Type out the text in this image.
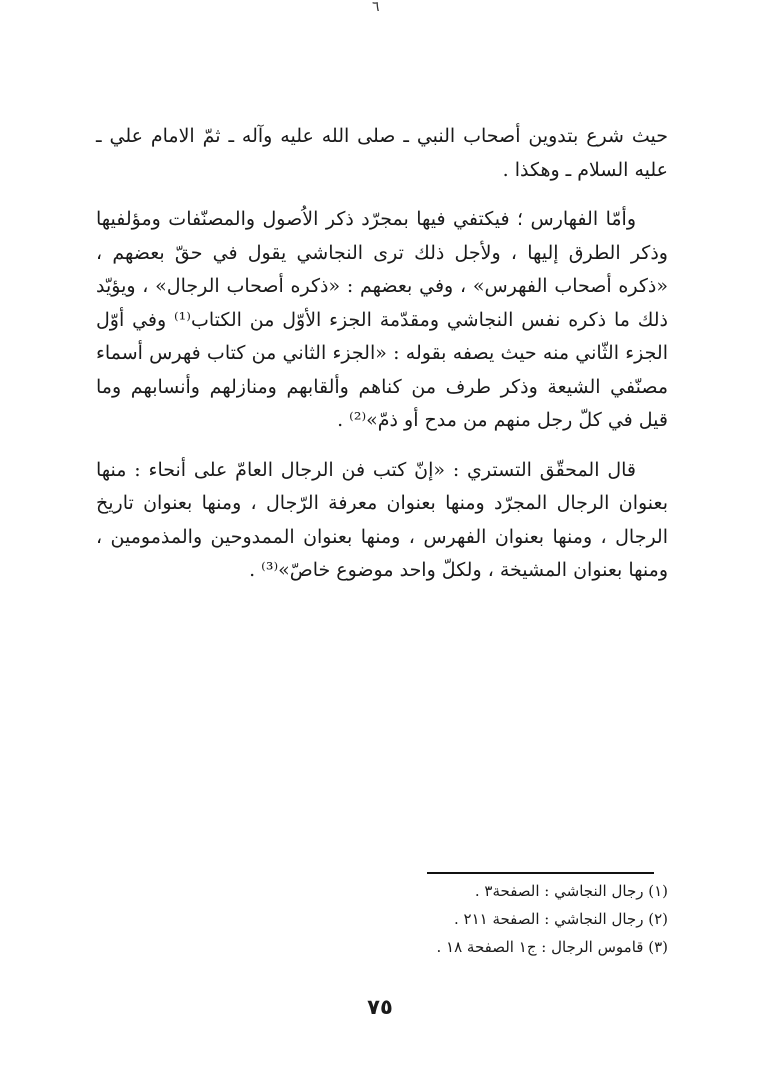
٦

حيث شرع بتدوين أصحاب النبي ـ صلى الله عليه وآله ـ ثمّ الامام علي ـ عليه السلام ـ وهكذا .

وأمّا الفهارس ؛ فيكتفي فيها بمجرّد ذكر الاُصول والمصنّفات ومؤلفيها وذكر الطرق إليها ، ولأجل ذلك ترى النجاشي يقول في حقّ بعضهم ، «ذكره أصحاب الفهرس» ، وفي بعضهم : «ذكره أصحاب الرجال» ، ويؤيّد ذلك ما ذكره نفس النجاشي ومقدّمة الجزء الأوّل من الكتاب⁽¹⁾ وفي أوّل الجزء الثّاني منه حيث يصفه بقوله : «الجزء الثاني من كتاب فهرس أسماء مصنّفي الشيعة وذكر طرف من كناهم وألقابهم ومنازلهم وأنسابهم وما قيل في كلّ رجل منهم من مدح أو ذمّ»⁽²⁾ .

قال المحقّق التستري : «إنّ كتب فن الرجال العامّ على أنحاء : منها بعنوان الرجال المجرّد ومنها بعنوان معرفة الرّجال ، ومنها بعنوان تاريخ الرجال ، ومنها بعنوان الفهرس ، ومنها بعنوان الممدوحين والمذمومين ، ومنها بعنوان المشيخة ، ولكلّ واحد موضوع خاصّ»⁽³⁾ .

(١) رجال النجاشي : الصفحة٣ .
(٢) رجال النجاشي : الصفحة ٢١١ .
(٣) قاموس الرجال : ج١ الصفحة ١٨ .
٧٥
